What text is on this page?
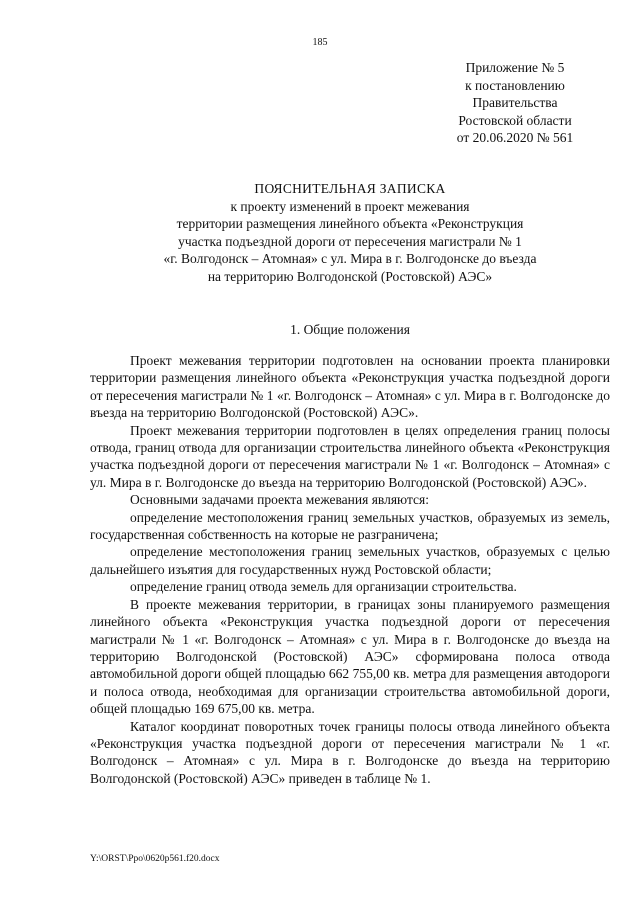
185
Приложение № 5
к постановлению
Правительства
Ростовской области
от 20.06.2020 № 561
ПОЯСНИТЕЛЬНАЯ ЗАПИСКА
к проекту изменений в проект межевания
территории размещения линейного объекта «Реконструкция
участка подъездной дороги от пересечения магистрали № 1
«г. Волгодонск – Атомная» с ул. Мира в г. Волгодонске до въезда
на территорию Волгодонской (Ростовской) АЭС»
1. Общие положения

Проект межевания территории подготовлен на основании проекта планировки территории размещения линейного объекта «Реконструкция участка подъездной дороги от пересечения магистрали № 1 «г. Волгодонск – Атомная» с ул. Мира в г. Волгодонске до въезда на территорию Волгодонской (Ростовской) АЭС».

Проект межевания территории подготовлен в целях определения границ полосы отвода, границ отвода для организации строительства линейного объекта «Реконструкция участка подъездной дороги от пересечения магистрали № 1 «г. Волгодонск – Атомная» с ул. Мира в г. Волгодонске до въезда на территорию Волгодонской (Ростовской) АЭС».

Основными задачами проекта межевания являются:

определение местоположения границ земельных участков, образуемых из земель, государственная собственность на которые не разграничена;

определение местоположения границ земельных участков, образуемых с целью дальнейшего изъятия для государственных нужд Ростовской области;

определение границ отвода земель для организации строительства.

В проекте межевания территории, в границах зоны планируемого размещения линейного объекта «Реконструкция участка подъездной дороги от пересечения магистрали № 1 «г. Волгодонск – Атомная» с ул. Мира в г. Волгодонске до въезда на территорию Волгодонской (Ростовской) АЭС» сформирована полоса отвода автомобильной дороги общей площадью 662 755,00 кв. метра для размещения автодороги и полоса отвода, необходимая для организации строительства автомобильной дороги, общей площадью 169 675,00 кв. метра.

Каталог координат поворотных точек границы полосы отвода линейного объекта «Реконструкция участка подъездной дороги от пересечения магистрали № 1 «г. Волгодонск – Атомная» с ул. Мира в г. Волгодонске до въезда на территорию Волгодонской (Ростовской) АЭС» приведен в таблице № 1.

Y:\ORST\Ppo\0620p561.f20.docx
